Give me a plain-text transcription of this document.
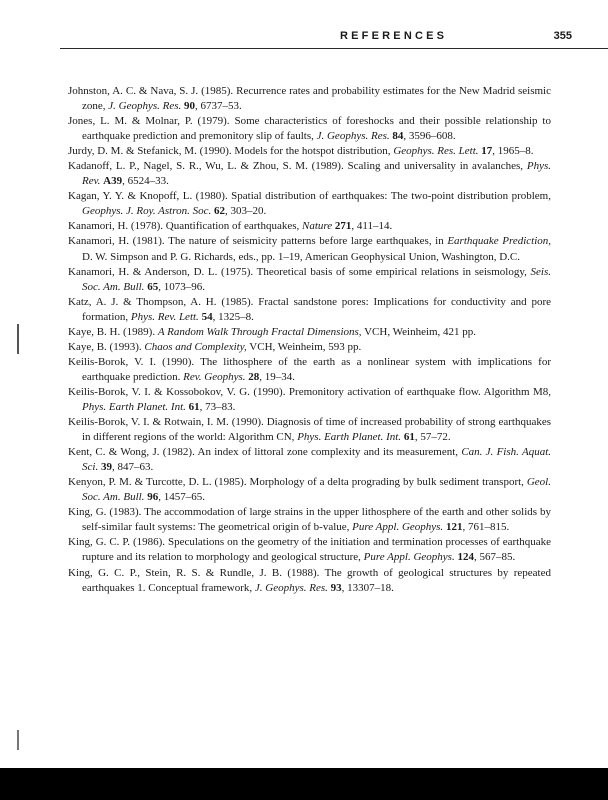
REFERENCES	355
Johnston, A. C. & Nava, S. J. (1985). Recurrence rates and probability estimates for the New Madrid seismic zone, J. Geophys. Res. 90, 6737–53.
Jones, L. M. & Molnar, P. (1979). Some characteristics of foreshocks and their possible relationship to earthquake prediction and premonitory slip of faults, J. Geophys. Res. 84, 3596–608.
Jurdy, D. M. & Stefanick, M. (1990). Models for the hotspot distribution, Geophys. Res. Lett. 17, 1965–8.
Kadanoff, L. P., Nagel, S. R., Wu, L. & Zhou, S. M. (1989). Scaling and universality in avalanches, Phys. Rev. A39, 6524–33.
Kagan, Y. Y. & Knopoff, L. (1980). Spatial distribution of earthquakes: The two-point distribution problem, Geophys. J. Roy. Astron. Soc. 62, 303–20.
Kanamori, H. (1978). Quantification of earthquakes, Nature 271, 411–14.
Kanamori, H. (1981). The nature of seismicity patterns before large earthquakes, in Earthquake Prediction, D. W. Simpson and P. G. Richards, eds., pp. 1–19, American Geophysical Union, Washington, D.C.
Kanamori, H. & Anderson, D. L. (1975). Theoretical basis of some empirical relations in seismology, Seis. Soc. Am. Bull. 65, 1073–96.
Katz, A. J. & Thompson, A. H. (1985). Fractal sandstone pores: Implications for conductivity and pore formation, Phys. Rev. Lett. 54, 1325–8.
Kaye, B. H. (1989). A Random Walk Through Fractal Dimensions, VCH, Weinheim, 421 pp.
Kaye, B. (1993). Chaos and Complexity, VCH, Weinheim, 593 pp.
Keilis-Borok, V. I. (1990). The lithosphere of the earth as a nonlinear system with implications for earthquake prediction. Rev. Geophys. 28, 19–34.
Keilis-Borok, V. I. & Kossobokov, V. G. (1990). Premonitory activation of earthquake flow. Algorithm M8, Phys. Earth Planet. Int. 61, 73–83.
Keilis-Borok, V. I. & Rotwain, I. M. (1990). Diagnosis of time of increased probability of strong earthquakes in different regions of the world: Algorithm CN, Phys. Earth Planet. Int. 61, 57–72.
Kent, C. & Wong, J. (1982). An index of littoral zone complexity and its measurement, Can. J. Fish. Aquat. Sci. 39, 847–63.
Kenyon, P. M. & Turcotte, D. L. (1985). Morphology of a delta prograding by bulk sediment transport, Geol. Soc. Am. Bull. 96, 1457–65.
King, G. (1983). The accommodation of large strains in the upper lithosphere of the earth and other solids by self-similar fault systems: The geometrical origin of b-value, Pure Appl. Geophys. 121, 761–815.
King, G. C. P. (1986). Speculations on the geometry of the initiation and termination processes of earthquake rupture and its relation to morphology and geological structure, Pure Appl. Geophys. 124, 567–85.
King, G. C. P., Stein, R. S. & Rundle, J. B. (1988). The growth of geological structures by repeated earthquakes 1. Conceptual framework, J. Geophys. Res. 93, 13307–18.
